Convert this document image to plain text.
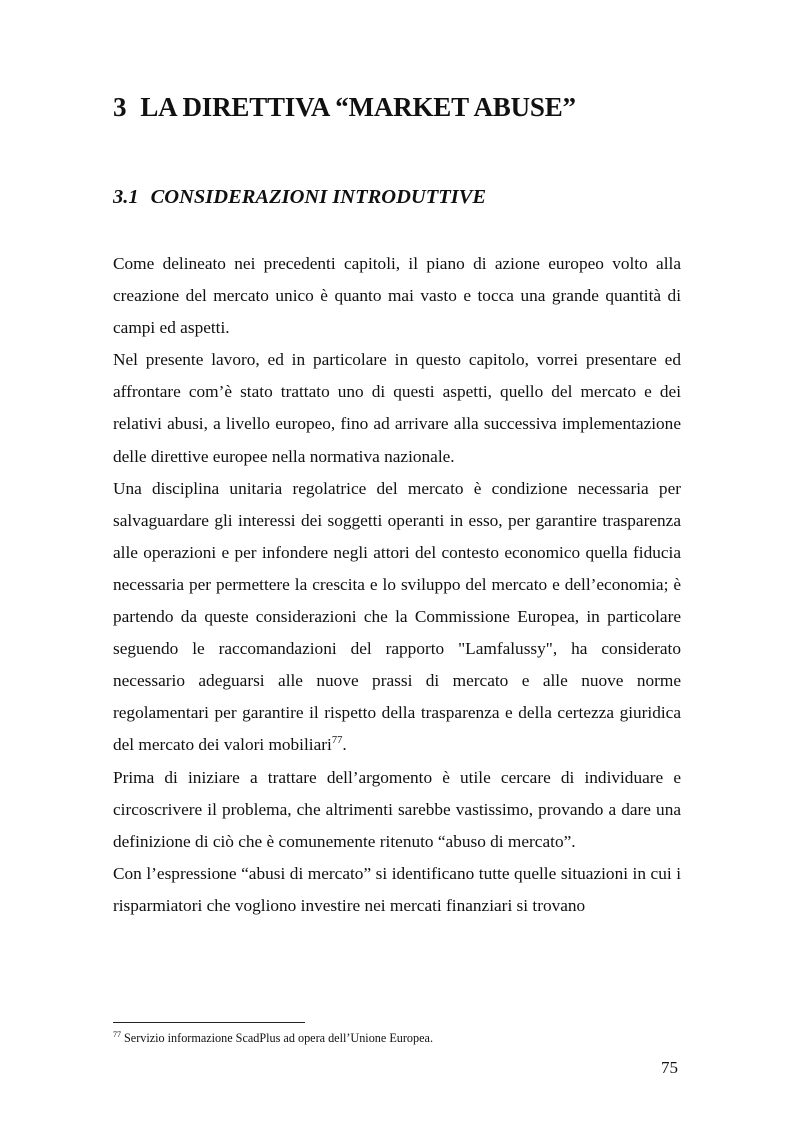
3 LA DIRETTIVA “MARKET ABUSE”
3.1 CONSIDERAZIONI INTRODUTTIVE

Come delineato nei precedenti capitoli, il piano di azione europeo volto alla creazione del mercato unico è quanto mai vasto e tocca una grande quantità di campi ed aspetti.

Nel presente lavoro, ed in particolare in questo capitolo, vorrei presentare ed affrontare com’è stato trattato uno di questi aspetti, quello del mercato e dei relativi abusi, a livello europeo, fino ad arrivare alla successiva implementazione delle direttive europee nella normativa nazionale.

Una disciplina unitaria regolatrice del mercato è condizione necessaria per salvaguardare gli interessi dei soggetti operanti in esso, per garantire trasparenza alle operazioni e per infondere negli attori del contesto economico quella fiducia necessaria per permettere la crescita e lo sviluppo del mercato e dell’economia; è partendo da queste considerazioni che la Commissione Europea, in particolare seguendo le raccomandazioni del rapporto "Lamfalussy", ha considerato necessario adeguarsi alle nuove prassi di mercato e alle nuove norme regolamentari per garantire il rispetto della trasparenza e della certezza giuridica del mercato dei valori mobiliari$^{77}$.

Prima di iniziare a trattare dell’argomento è utile cercare di individuare e circoscrivere il problema, che altrimenti sarebbe vastissimo, provando a dare una definizione di ciò che è comunemente ritenuto “abuso di mercato”.

Con l’espressione “abusi di mercato” si identificano tutte quelle situazioni in cui i risparmiatori che vogliono investire nei mercati finanziari si trovano

$^{77}$ Servizio informazione ScadPlus ad opera dell’Unione Europea.

75
